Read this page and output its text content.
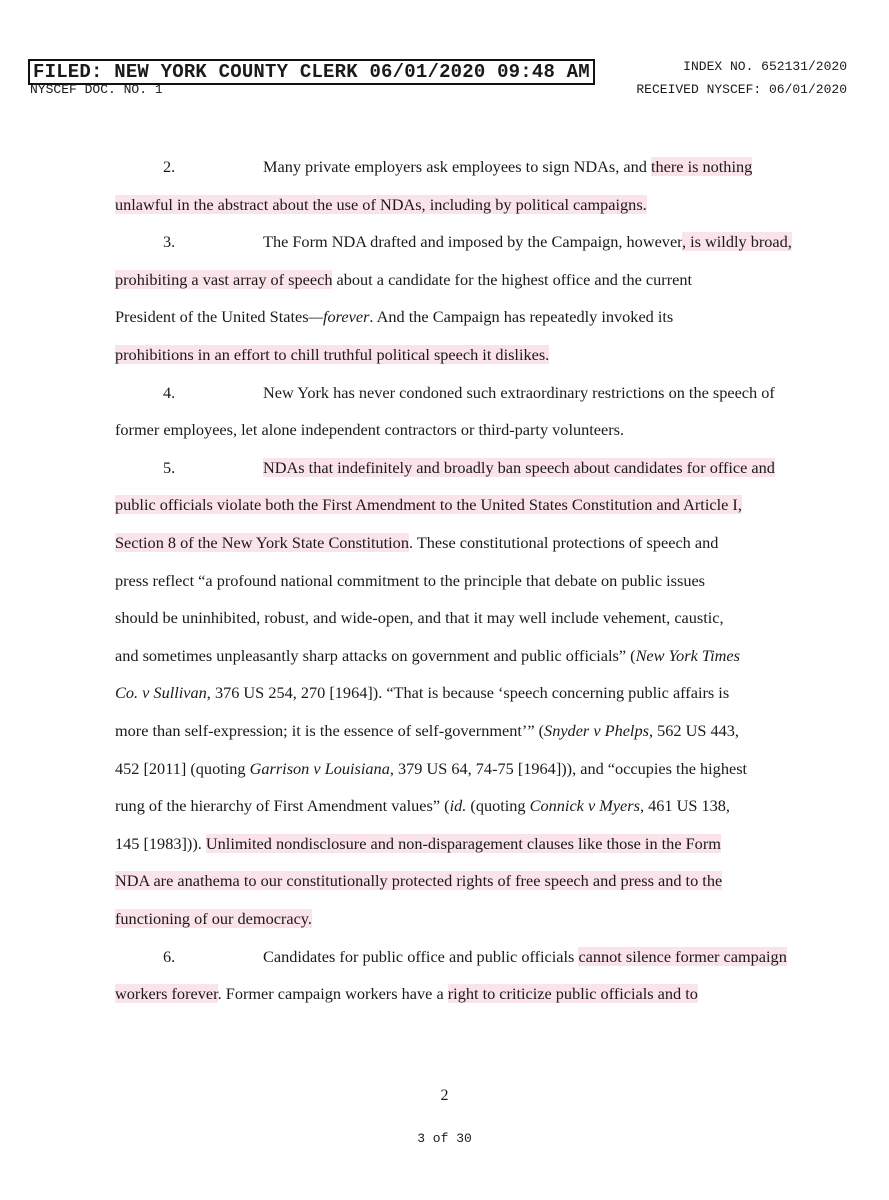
FILED: NEW YORK COUNTY CLERK 06/01/2020 09:48 AM
NYSCEF DOC. NO. 1
INDEX NO. 652131/2020
RECEIVED NYSCEF: 06/01/2020
2.	Many private employers ask employees to sign NDAs, and there is nothing
unlawful in the abstract about the use of NDAs, including by political campaigns.
3.	The Form NDA drafted and imposed by the Campaign, however, is wildly broad,
prohibiting a vast array of speech about a candidate for the highest office and the current
President of the United States—forever. And the Campaign has repeatedly invoked its
prohibitions in an effort to chill truthful political speech it dislikes.
4.	New York has never condoned such extraordinary restrictions on the speech of
former employees, let alone independent contractors or third-party volunteers.
5.	NDAs that indefinitely and broadly ban speech about candidates for office and
public officials violate both the First Amendment to the United States Constitution and Article I,
Section 8 of the New York State Constitution. These constitutional protections of speech and
press reflect “a profound national commitment to the principle that debate on public issues
should be uninhibited, robust, and wide-open, and that it may well include vehement, caustic,
and sometimes unpleasantly sharp attacks on government and public officials” (New York Times
Co. v Sullivan, 376 US 254, 270 [1964]). “That is because ‘speech concerning public affairs is
more than self-expression; it is the essence of self-government’” (Snyder v Phelps, 562 US 443,
452 [2011] (quoting Garrison v Louisiana, 379 US 64, 74-75 [1964])), and “occupies the highest
rung of the hierarchy of First Amendment values” (id. (quoting Connick v Myers, 461 US 138,
145 [1983])). Unlimited nondisclosure and non-disparagement clauses like those in the Form
NDA are anathema to our constitutionally protected rights of free speech and press and to the
functioning of our democracy.
6.	Candidates for public office and public officials cannot silence former campaign
workers forever. Former campaign workers have a right to criticize public officials and to
2
3 of 30
